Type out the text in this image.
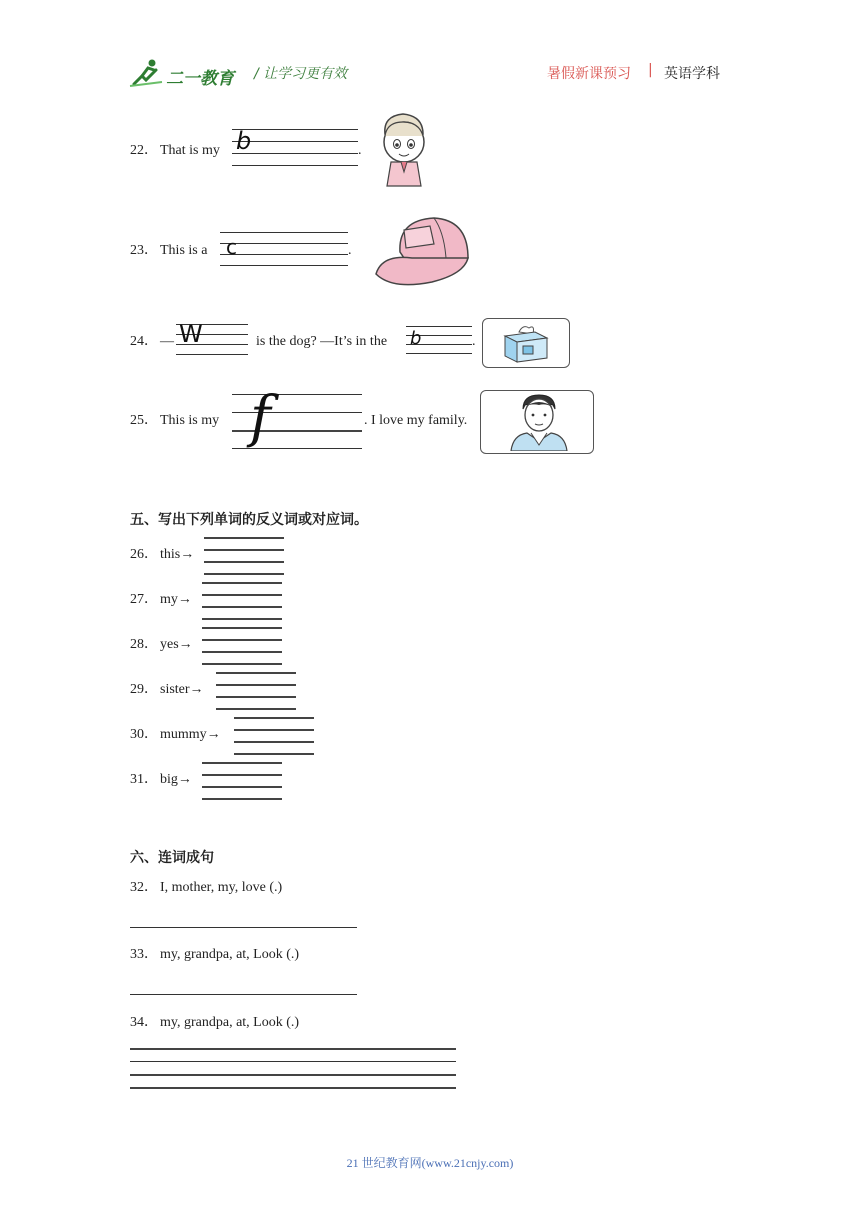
二一教育 / 让学习更有效	暑假新课预习 | 英语学科
22． That is my b	.
23． This is a c	.
24． — W	is the dog? —It’s in the b	.
25． This is my f	. I love my family.
五、写出下列单词的反义词或对应词。
26． this→
27． my→
28． yes→
29． sister→
30． mummy→
31． big→
六、连词成句
32． I, mother, my, love (.)
33． my, grandpa, at, Look (.)
34． my, grandpa, at, Look (.)
21 世纪教育网(www.21cnjy.com)
